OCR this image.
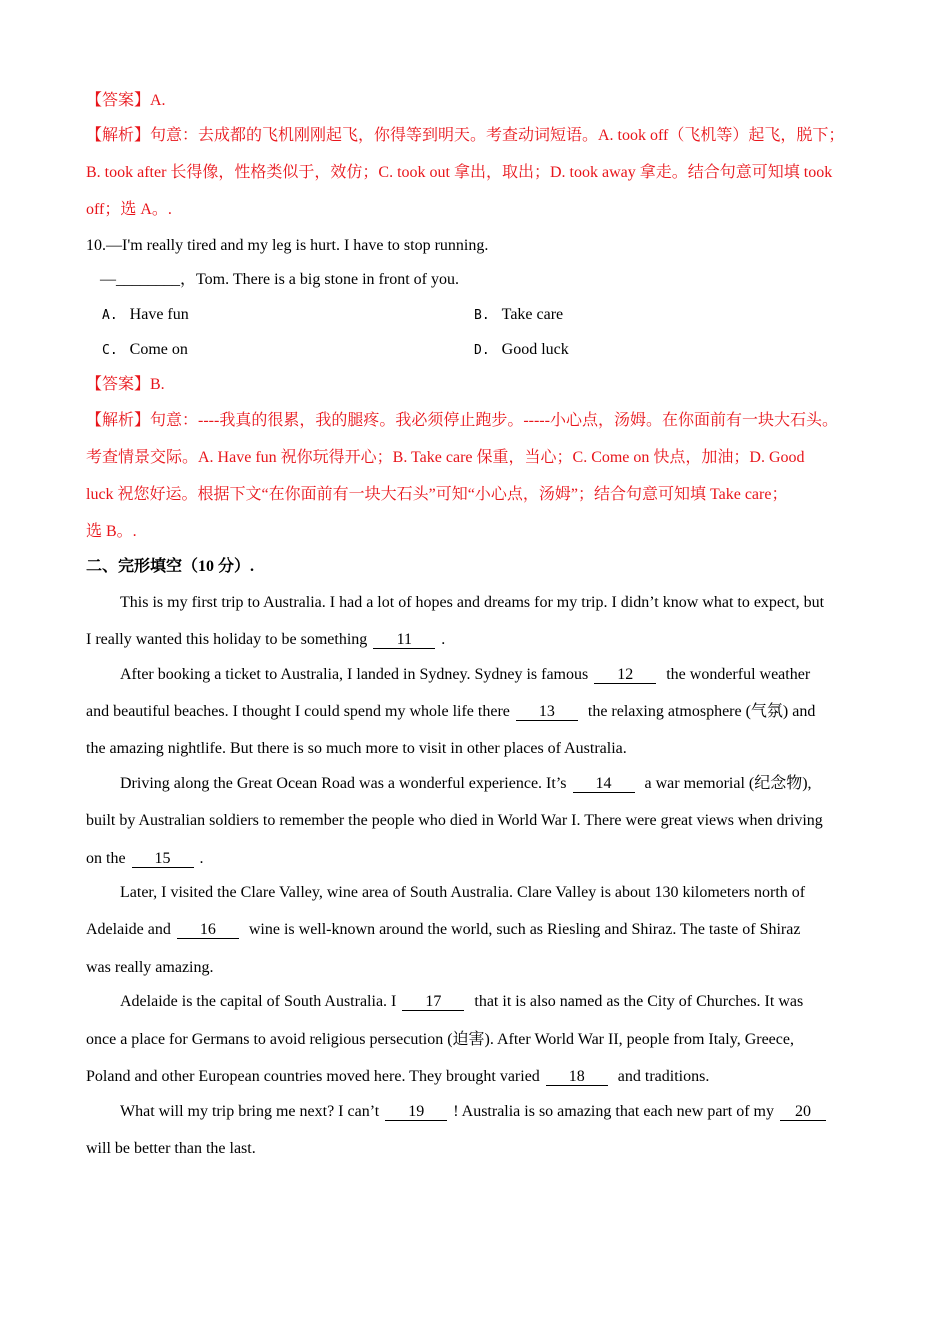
【答案】A.
【解析】句意：去成都的飞机刚刚起飞，你得等到明天。考查动词短语。A. took off（飞机等）起飞，脱下；
B. took after 长得像，性格类似于，效仿；C. took out 拿出，取出；D. took away 拿走。结合句意可知填 took
off；选 A。.
10.—I'm really tired and my leg is hurt. I have to stop running.
—________，Tom. There is a big stone in front of you.
A. Have fun	B. Take care
C. Come on	D. Good luck
【答案】B.
【解析】句意：----我真的很累，我的腿疼。我必须停止跑步。-----小心点，汤姆。在你面前有一块大石头。
考查情景交际。A. Have fun 祝你玩得开心；B. Take care 保重，当心；C. Come on 快点，加油；D. Good
luck 祝您好运。根据下文“在你面前有一块大石头”可知“小心点，汤姆”；结合句意可知填 Take care；
选 B。.
二、完形填空（10 分）.
This is my first trip to Australia. I had a lot of hopes and dreams for my trip. I didn’t know what to expect, but
I really wanted this holiday to be something 11 .
After booking a ticket to Australia, I landed in Sydney. Sydney is famous 12 the wonderful weather
and beautiful beaches. I thought I could spend my whole life there 13 the relaxing atmosphere (气氛) and
the amazing nightlife. But there is so much more to visit in other places of Australia.
Driving along the Great Ocean Road was a wonderful experience. It’s 14 a war memorial (纪念物),
built by Australian soldiers to remember the people who died in World War I. There were great views when driving
on the 15 .
Later, I visited the Clare Valley, wine area of South Australia. Clare Valley is about 130 kilometers north of
Adelaide and 16 wine is well-known around the world, such as Riesling and Shiraz. The taste of Shiraz
was really amazing.
Adelaide is the capital of South Australia. I 17 that it is also named as the City of Churches. It was
once a place for Germans to avoid religious persecution (迫害). After World War II, people from Italy, Greece,
Poland and other European countries moved here. They brought varied 18 and traditions.
What will my trip bring me next? I can’t 19 ! Australia is so amazing that each new part of my 20
will be better than the last.
